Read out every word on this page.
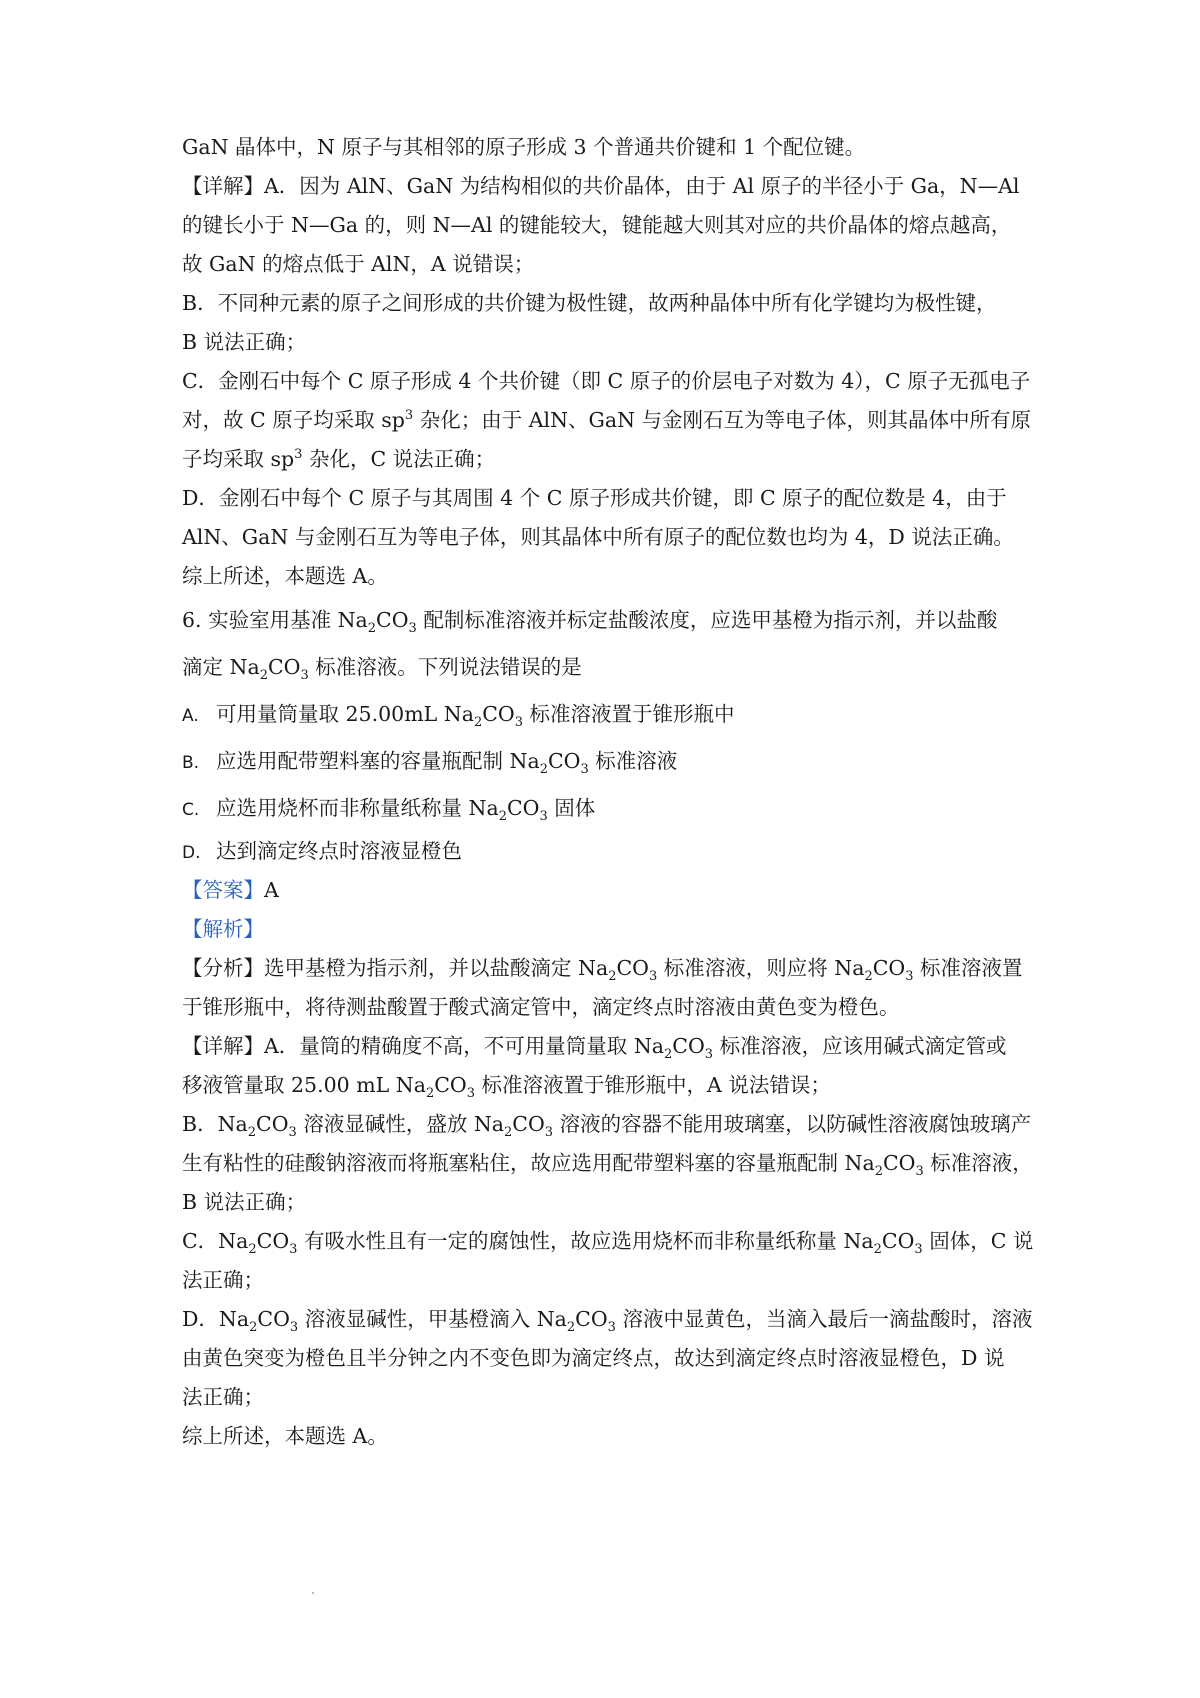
GaN 晶体中，N 原子与其相邻的原子形成 3 个普通共价键和 1 个配位键。
【详解】A．因为 AlN、GaN 为结构相似的共价晶体，由于 Al 原子的半径小于 Ga，N—Al
的键长小于 N—Ga 的，则 N—Al 的键能较大，键能越大则其对应的共价晶体的熔点越高，
故 GaN 的熔点低于 AlN，A 说错误；
B．不同种元素的原子之间形成的共价键为极性键，故两种晶体中所有化学键均为极性键，
B 说法正确；
C．金刚石中每个 C 原子形成 4 个共价键（即 C 原子的价层电子对数为 4），C 原子无孤电子
对，故 C 原子均采取 $sp^3$ 杂化；由于 AlN、GaN 与金刚石互为等电子体，则其晶体中所有原
子均采取 $sp^3$ 杂化，C 说法正确；
D．金刚石中每个 C 原子与其周围 4 个 C 原子形成共价键，即 C 原子的配位数是 4，由于
AlN、GaN 与金刚石互为等电子体，则其晶体中所有原子的配位数也均为 4，D 说法正确。
综上所述，本题选 A。
6. 实验室用基准 $Na_2CO_3$ 配制标准溶液并标定盐酸浓度，应选甲基橙为指示剂，并以盐酸
滴定 $Na_2CO_3$ 标准溶液。下列说法错误的是
A. 可用量筒量取 25.00mL $Na_2CO_3$ 标准溶液置于锥形瓶中
B. 应选用配带塑料塞的容量瓶配制 $Na_2CO_3$ 标准溶液
C. 应选用烧杯而非称量纸称量 $Na_2CO_3$ 固体
D. 达到滴定终点时溶液显橙色
【答案】A
【解析】
【分析】选甲基橙为指示剂，并以盐酸滴定 $Na_2CO_3$ 标准溶液，则应将 $Na_2CO_3$ 标准溶液置
于锥形瓶中，将待测盐酸置于酸式滴定管中，滴定终点时溶液由黄色变为橙色。
【详解】A．量筒的精确度不高，不可用量筒量取 $Na_2CO_3$ 标准溶液，应该用碱式滴定管或
移液管量取 25.00 mL $Na_2CO_3$ 标准溶液置于锥形瓶中，A 说法错误；
B．$Na_2CO_3$ 溶液显碱性，盛放 $Na_2CO_3$ 溶液的容器不能用玻璃塞，以防碱性溶液腐蚀玻璃产
生有粘性的硅酸钠溶液而将瓶塞粘住，故应选用配带塑料塞的容量瓶配制 $Na_2CO_3$ 标准溶液，
B 说法正确；
C．$Na_2CO_3$ 有吸水性且有一定的腐蚀性，故应选用烧杯而非称量纸称量 $Na_2CO_3$ 固体，C 说
法正确；
D．$Na_2CO_3$ 溶液显碱性，甲基橙滴入 $Na_2CO_3$ 溶液中显黄色，当滴入最后一滴盐酸时，溶液
由黄色突变为橙色且半分钟之内不变色即为滴定终点，故达到滴定终点时溶液显橙色，D 说
法正确；
综上所述，本题选 A。
